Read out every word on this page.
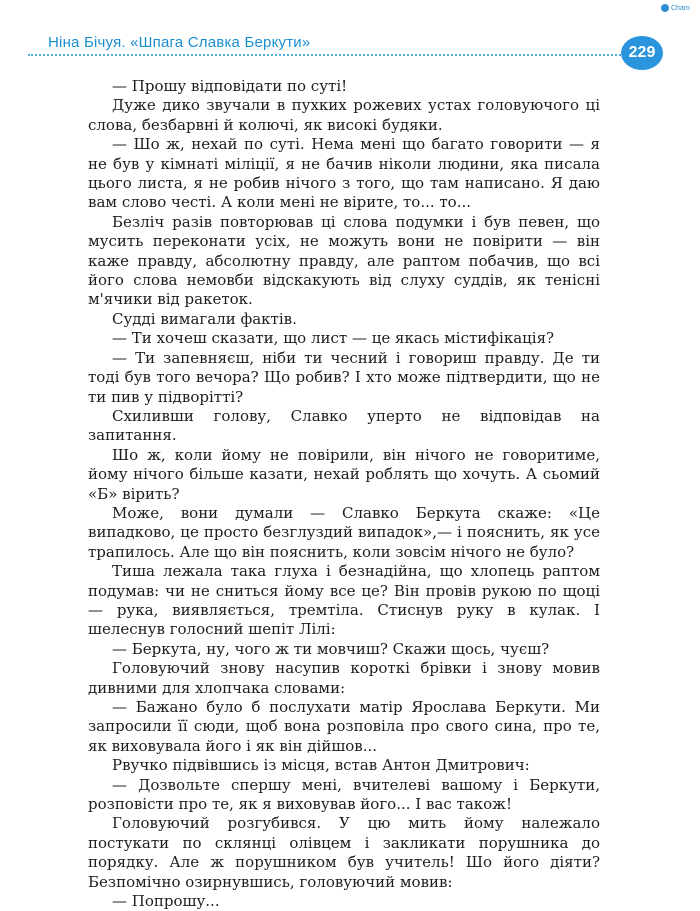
Cham
Ніна Бічуя. «Шпага Славка Беркути»
229

— Прошу відповідати по суті!

Дуже дико звучали в пухких рожевих устах головуючого ці слова, безбарвні й колючі, як високі будяки.

— Шо ж, нехай по суті. Нема мені що багато говорити — я не був у кімнаті міліції, я не бачив ніколи людини, яка писала цього листа, я не робив нічого з того, що там написано. Я даю вам слово честі. А коли мені не вірите, то... то...

Безліч разів повторював ці слова подумки і був певен, що мусить переконати усіх, не можуть вони не повірити — він каже правду, абсолютну правду, але раптом побачив, що всі його слова немовби відскакують від слуху суддів, як тенісні м'ячики від ракеток.

Судді вимагали фактів.

— Ти хочеш сказати, що лист — це якась містифікація?

— Ти запевняєш, ніби ти чесний і говориш правду. Де ти тоді був того вечора? Що робив? І хто може підтвердити, що не ти пив у підворітті?

Схиливши голову, Славко уперто не відповідав на запитання.

Шо ж, коли йому не повірили, він нічого не говоритиме, йому нічого більше казати, нехай роблять що хочуть. А сьомий «Б» вірить?

Може, вони думали — Славко Беркута скаже: «Це випадково, це просто безглуздий випадок»,— і пояснить, як усе трапилось. Але що він пояснить, коли зовсім нічого не було?

Тиша лежала така глуха і безнадійна, що хлопець раптом подумав: чи не сниться йому все це? Він провів рукою по щоці — рука, виявляється, тремтіла. Стиснув руку в кулак. І шелеснув голосний шепіт Лілі:

— Беркута, ну, чого ж ти мовчиш? Скажи щось, чуєш?

Головуючий знову насупив короткі брівки і знову мовив дивними для хлопчака словами:

— Бажано було б послухати матір Ярослава Беркути. Ми запросили її сюди, щоб вона розповіла про свого сина, про те, як виховувала його і як він дійшов...

Рвучко підвівшись із місця, встав Антон Дмитрович:

— Дозвольте спершу мені, вчителеві вашому і Беркути, розповісти про те, як я виховував його... І вас також!

Головуючий розгубився. У цю мить йому належало постукати по склянці олівцем і закликати порушника до порядку. Але ж порушником був учитель! Шо його діяти? Безпомічно озирнувшись, головуючий мовив:

— Попрошу...
